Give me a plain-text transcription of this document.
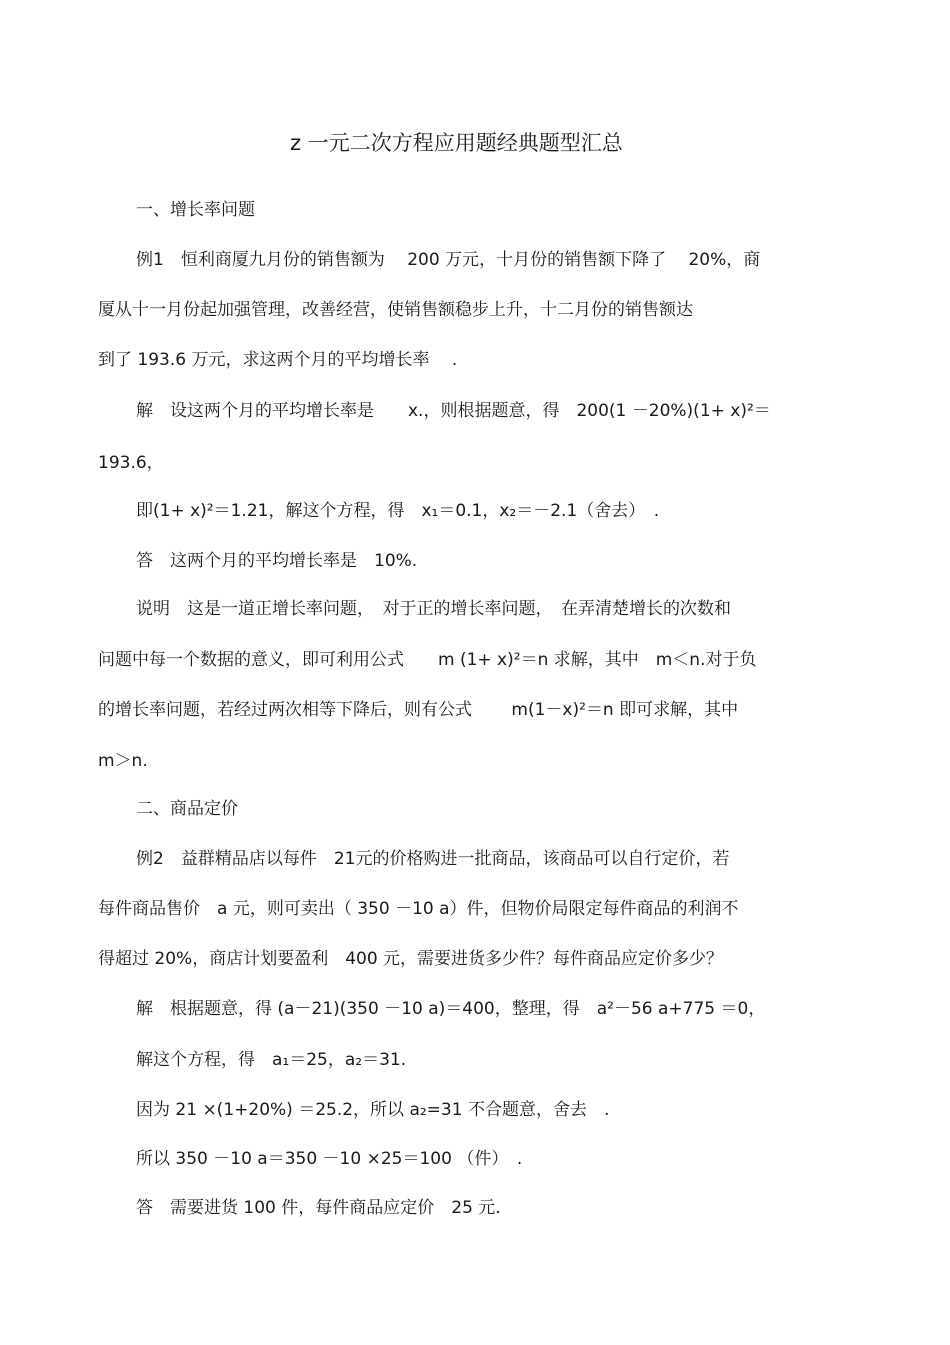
z 一元二次方程应用题经典题型汇总
一、增长率问题
例1　恒利商厦九月份的销售额为　 200 万元，十月份的销售额下降了　 20%，商
厦从十一月份起加强管理，改善经营，使销售额稳步上升，十二月份的销售额达
到了 193.6 万元，求这两个月的平均增长率　 .
解　设这两个月的平均增长率是　　x.，则根据题意，得　200(1 －20%)(1+ x)²＝
193.6，
即(1+ x)²＝1.21，解这个方程，得　x₁＝0.1，x₂＝－2.1（舍去）　.
答　这两个月的平均增长率是　10%.
说明　这是一道正增长率问题，　对于正的增长率问题，　在弄清楚增长的次数和
问题中每一个数据的意义，即可利用公式　　m (1+ x)²＝n 求解，其中　m＜n.对于负
的增长率问题，若经过两次相等下降后，则有公式　　 m(1－x)²＝n 即可求解，其中
m＞n.
二、商品定价
例2　益群精品店以每件　21元的价格购进一批商品，该商品可以自行定价，若
每件商品售价　a 元，则可卖出（ 350 －10 a）件，但物价局限定每件商品的利润不
得超过 20%，商店计划要盈利　400 元，需要进货多少件？每件商品应定价多少？
解　根据题意，得 (a－21)(350 －10 a)＝400，整理，得　a²－56 a+775 ＝0，
解这个方程，得　a₁＝25，a₂＝31.
因为 21 ×(1+20%) ＝25.2，所以 a₂=31 不合题意，舍去　.
所以 350 －10 a＝350 －10 ×25＝100 （件）　.
答　需要进货 100 件，每件商品应定价　25 元.
